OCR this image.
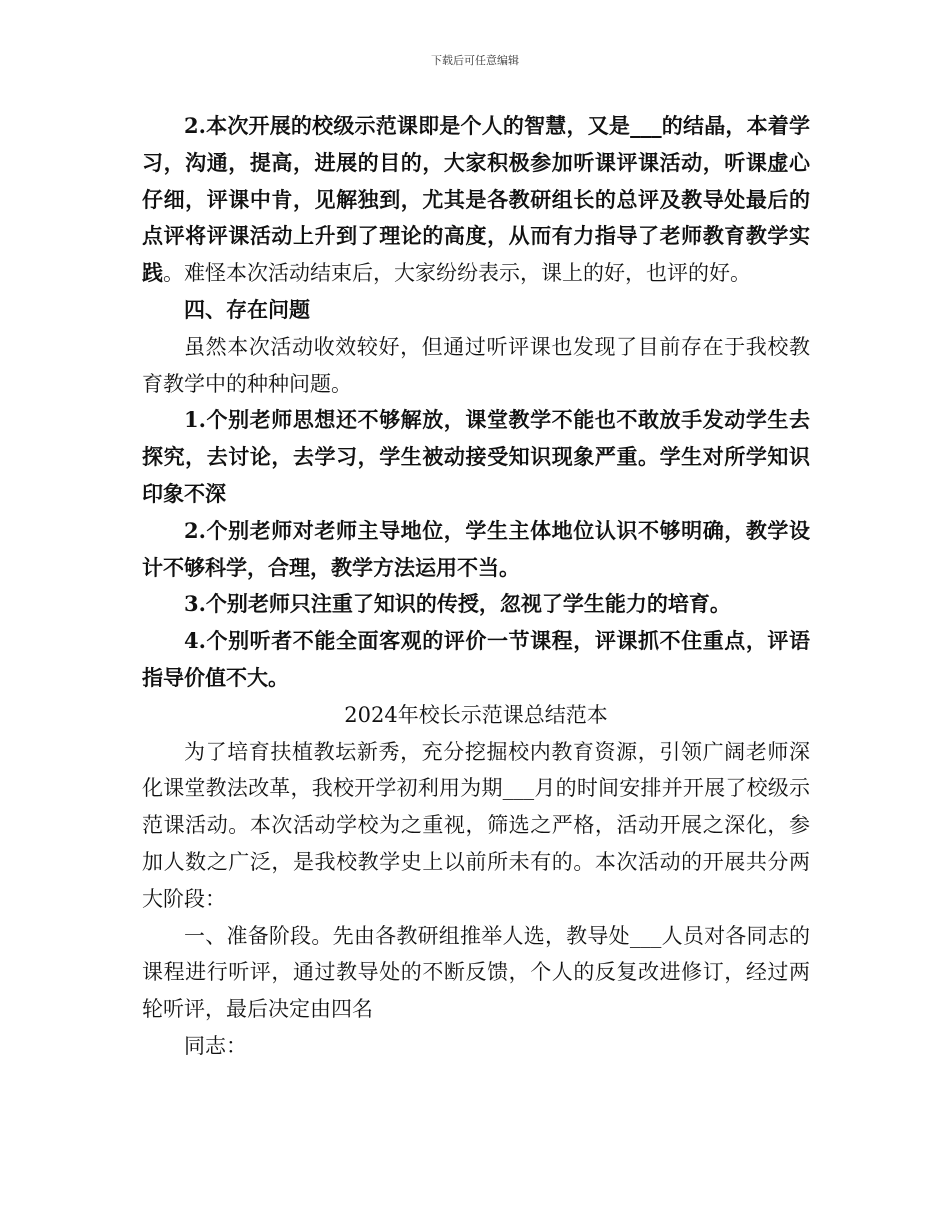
下载后可任意编辑

2.本次开展的校级示范课即是个人的智慧，又是___的结晶，本着学习，沟通，提高，进展的目的，大家积极参加听课评课活动，听课虚心仔细，评课中肯，见解独到，尤其是各教研组长的总评及教导处最后的点评将评课活动上升到了理论的高度，从而有力指导了老师教育教学实践。难怪本次活动结束后，大家纷纷表示，课上的好，也评的好。

四、存在问题

虽然本次活动收效较好，但通过听评课也发现了目前存在于我校教育教学中的种种问题。

1.个别老师思想还不够解放，课堂教学不能也不敢放手发动学生去探究，去讨论，去学习，学生被动接受知识现象严重。学生对所学知识印象不深

2.个别老师对老师主导地位，学生主体地位认识不够明确，教学设计不够科学，合理，教学方法运用不当。

3.个别老师只注重了知识的传授，忽视了学生能力的培育。

4.个别听者不能全面客观的评价一节课程，评课抓不住重点，评语指导价值不大。

2024年校长示范课总结范本

为了培育扶植教坛新秀，充分挖掘校内教育资源，引领广阔老师深化课堂教法改革，我校开学初利用为期___月的时间安排并开展了校级示范课活动。本次活动学校为之重视，筛选之严格，活动开展之深化，参加人数之广泛，是我校教学史上以前所未有的。本次活动的开展共分两大阶段：

一、准备阶段。先由各教研组推举人选，教导处___人员对各同志的课程进行听评，通过教导处的不断反馈，个人的反复改进修订，经过两轮听评，最后决定由四名

同志：
